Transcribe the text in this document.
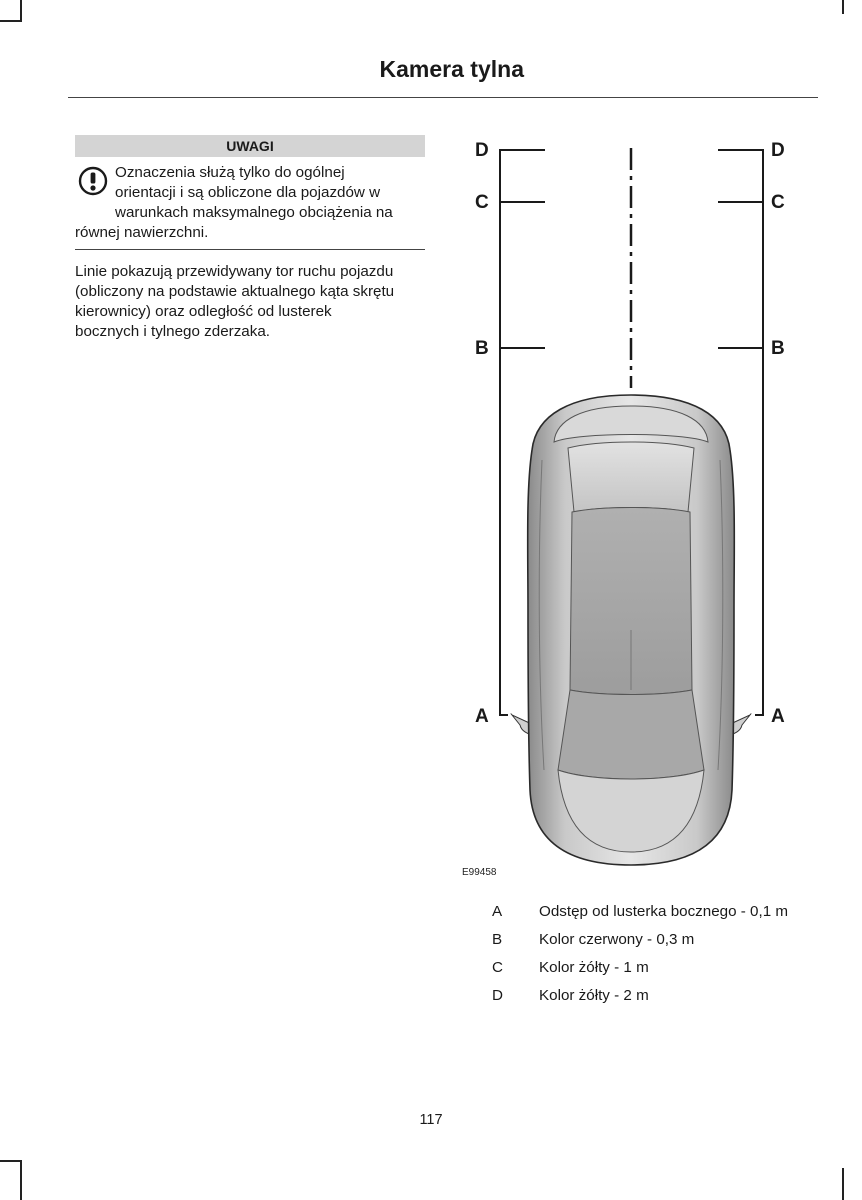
Kamera tylna
UWAGI
Oznaczenia służą tylko do ogólnej
orientacji i są obliczone dla pojazdów w
warunkach maksymalnego obciążenia na
równej nawierzchni.
Linie pokazują przewidywany tor ruchu pojazdu
(obliczony na podstawie aktualnego kąta skrętu
kierownicy) oraz odległość od lusterek
bocznych i tylnego zderzaka.
D
C
B
A
D
C
B
A
E99458
A	Odstęp od lusterka bocznego - 0,1 m
B	Kolor czerwony - 0,3 m
C	Kolor żółty - 1 m
D	Kolor żółty - 2 m
117
